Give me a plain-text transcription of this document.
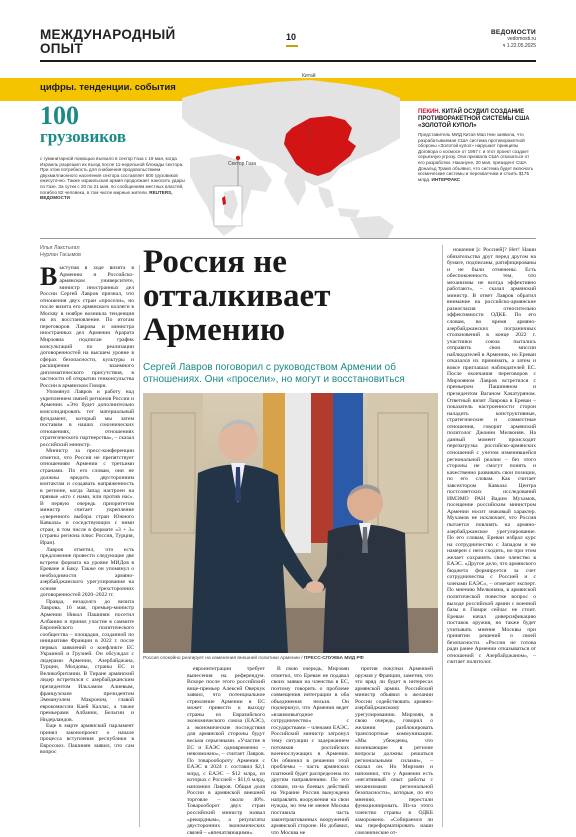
МЕЖДУНАРОДНЫЙ
ОПЫТ
10	ВЕДОМОСТИ
vedomosti.ru
ч 1.22.05.2025
цифры. тенденции. события
Китай
Сектор Газа
100
грузовиков
с гуманитарной помощью въехало в сектор Газа с 19 мая, когда Израиль разрешил их въезд после 11-недельной блокады сектора. При этом потребность для снабжения продовольствием двухмиллионного населения сектора составляет 600 грузовиков ежесуточно. Также израильская армия продолжает наносить удары по Газе. За сутки с 20 по 21 мая, по сообщениям местных властей, погибло 82 человека, в том числе мирные жители. REUTERS, ВЕДОМОСТИ
ПЕКИН. КИТАЙ ОСУДИЛ СОЗДАНИЕ ПРОТИВОРАКЕТНОЙ СИСТЕМЫ США «ЗОЛОТОЙ КУПОЛ»
Представитель МИД Китая Мао Нин заявила, что разрабатываемая США система противоракетной обороны «Золотой купол» нарушает принципы Договора о космосе от 1967 г. и этот проект создает серьезную угрозу. Она призвала США отказаться от его разработки. Накануне, 20 мая, президент США Дональд Трамп объявил, что система будет включать космические системы и перехватчики и стоить $175 млрд. ИНТЕРФАКС
Илья Лакстыгал
Нурлан Гасымов

Выступая в ходе визита в Армению и Российско-армянском университете, министр иностранных дел России Сергей Лавров признал, что отношения двух стран «просели», но после визита его армянского коллеги в Москву в ноябре возникла тенденция на их восстановление. По итогам переговоров Лаврова и министра иностранных дел Армении Арарата Мирзояна подписан график консультаций по реализации договоренностей на высшем уровне в сферах безопасности, культуры и расширения взаимного дипломатического присутствия, в частности об открытии генконсульства России в армянском Гюмри.

Упомянул Лавров и работу над укреплением связей регионов России и Армении. «Это будет дополнительно консолидировать тот материальный фундамент, который мы затем поставим в наших союзнических отношениях, отношениях стратегического партнерства», – сказал российский министр.

Министр за пресс-конференции отметил, что Россия не препятствует отношениям Армении с третьими странами. По его словам, они не должны вредить двусторонним контактам и создавать напряженность в регионе, когда Запад настроен на прямые «кто с нами, или против нас». В первую очередь приоритетом министр считает укрепление «уверенного выбора стран Южного Кавказа» и соседствующих с ними стран, в том числе в формате «3 + 3» (страны региона плюс Россия, Турция, Иран).

Лавров отметил, что есть предложение провести следующие две встречи формата на уровне МИДов в Ереване и Баку. Также он упомянул о необходимости армяно-азербайджанского урегулирования на основе трехсторонних договоренностей 2020–2022 гг.

Правда, незадолго до визита Лаврова, 16 мая, премьер-министр Армении Никол Пашинян посетил Албанию и принял участие в саммите Европейского политического сообщества – площадки, созданной по инициативе Франции в 2022 г. после первых заявлений о конфликте ЕС Украиной и Грузией. Он обсуждал с лидерами Армении, Азербайджана, Турции, Молдовы, страны ЕС и Великобритании. В Тиране армянский лидер встретился с азербайджанским президентом Ильхамом Алиевым, французским президентом Эммануэлем Макроном, главой еврокомиссии Каей Каллас, а также премьерами Албании, Бельгии и Нидерландов.

Еще в марте армянский парламент принял законопроект о начале процесса вступления республики в Евросоюз. Пашинян заявил, что сам вопрос

Россия не отталкивает Армению
Сергей Лавров поговорил с руководством Армении об отношениях. Они «просели», но могут и восстановиться
Россия спокойно реагирует на изменения внешней политики Армении / ПРЕСС-СЛУЖБА МИД РФ

евроинтеграции требует вынесения на референдум. Вскоре после этого российский вице-премьер Алексей Оверчук заявил, что потенциальное стремление Армении в ЕС может привести к выходу страны из Евразийского экономического союза (ЕАЭС), а экономические последствия для армянской стороны будут весьма серьезными. «Участие в ЕС и ЕАЭС одновременно – невозможно», – считает Лавров. По товарообороту Армении с ЕАЭС в 2024 г. составил $2,1 млрд, с ЕАЭС – $12 млрд, из которых с Россией – $11,6 млрд, напомнил Лавров. Общая доля России в армянской внешней торговле – около 40%. Товарооборот двух стран российский министр назвал «рекордным», а результаты двусторонних экономических связей – «впечатляющими».

В свою очередь, Мирзоян отметил, что Ереван не подавал своих заявки на членство в ЕС, поэтому говорить о проблеме совмещения интеграции в оба объединения нельзя. Он подчеркнул, что Армения ведет «взаимовыгодное сотрудничество» с государствами – членами ЕАЭС. Российский министр затронул тему ситуации с задержанием потомков российских военнослужащих в Армении. Он обвинил в решении этой проблемы – часть армянских платежей будет распределена по другим направлениям. По его словам, из-за боевых действий на Украине Россия вынуждена направлять вооружения на свои нужды, но тем не менее Москва поставила часть законтрактованных вооружений армянской стороне. Но добавил, что Москва не

против покупки Арменией оружия у Франции, заметив, что это вряд ли будет в интересах армянской армии. Российский министр объявил о желании России содействовать армяно-азербайджанскому урегулированию. Мирзоян, в свою очередь, говорил о желании разблокировать транспортные коммуникации. «Мы убеждены, что возникающие в регионе вопросы должны решаться региональными силами», – сказал он. Но Мирзоян и напомнил, что у Армении есть «негативный опыт работы с механизмами региональной безопасности», которые, по его мнению, перестали функционировать. Из-за этого членство страны в ОДКБ заморожено. «Собираемся ли мы переформатировать наши союзнические от-

ношения [с Россией]? Нет! Наши обязательства друг перед другом на бумаге, подписаны, ратифицированы и не были отменены. Есть обеспокоенность тем, что механизмы не всегда эффективно работают», – сказал армянский министр. В ответ Лавров обратил внимание на российско-армянские разногласия относительно эффективности ОДКБ. По его словам, во время армяно-азербайджанских пограничных столкновений в конце 2022 г. участники союза пытались отправить свои миссии наблюдателей в Армению, но Ереван отказался их принимать, а затем и вовсе приглашал наблюдателей ЕС. После окончания переговоров с Мирзояном Лавров встретился с премьером Пашиняном и президентом Ваганом Хачатуряном. Ответный визит Лаврова в Ереван – показатель настроенности сторон наладить конструктивные, стратегические и совместные отношения, говорит армянский политолог Джонни Мелконян. На данный момент происходит перезагрузка российско-армянских отношений с учетом изменившейся региональной реалии – без этого стороны не смогут понять и качественно развивать свои позиции, по его словам. Как считает завсектором Кавказа Центра постсоветских исследований ИМЭМО РАН Вадим Мухамов, посещение российским министром Армении носит знаковый характер. Мухамов не исключает, что Россия пытается повлиять на армяно-азербайджанское урегулирование. По его словам, Ереван избрал курс на сотрудничество с Западом и не намерен с него сходить, но при этом желает сохранять свое членство в ЕАЭС. «Другое дело, что армянского бюджета формируется за счет сотрудничества с Россией и с членами ЕАЭС», – отмечает эксперт. По мнению Мелконяна, в армянской политической повестке вопрос о выходе российской армии с военной базы в Гюмри сейчас не стоит. Ереван начал диверсификацию поставок оружия, но также будет учитывать мнение Москвы при принятии решений о своей безопасности. «Россия не готова ради ранее Армении отказываться от отношений с Азербайджаном», – считает политолог.
